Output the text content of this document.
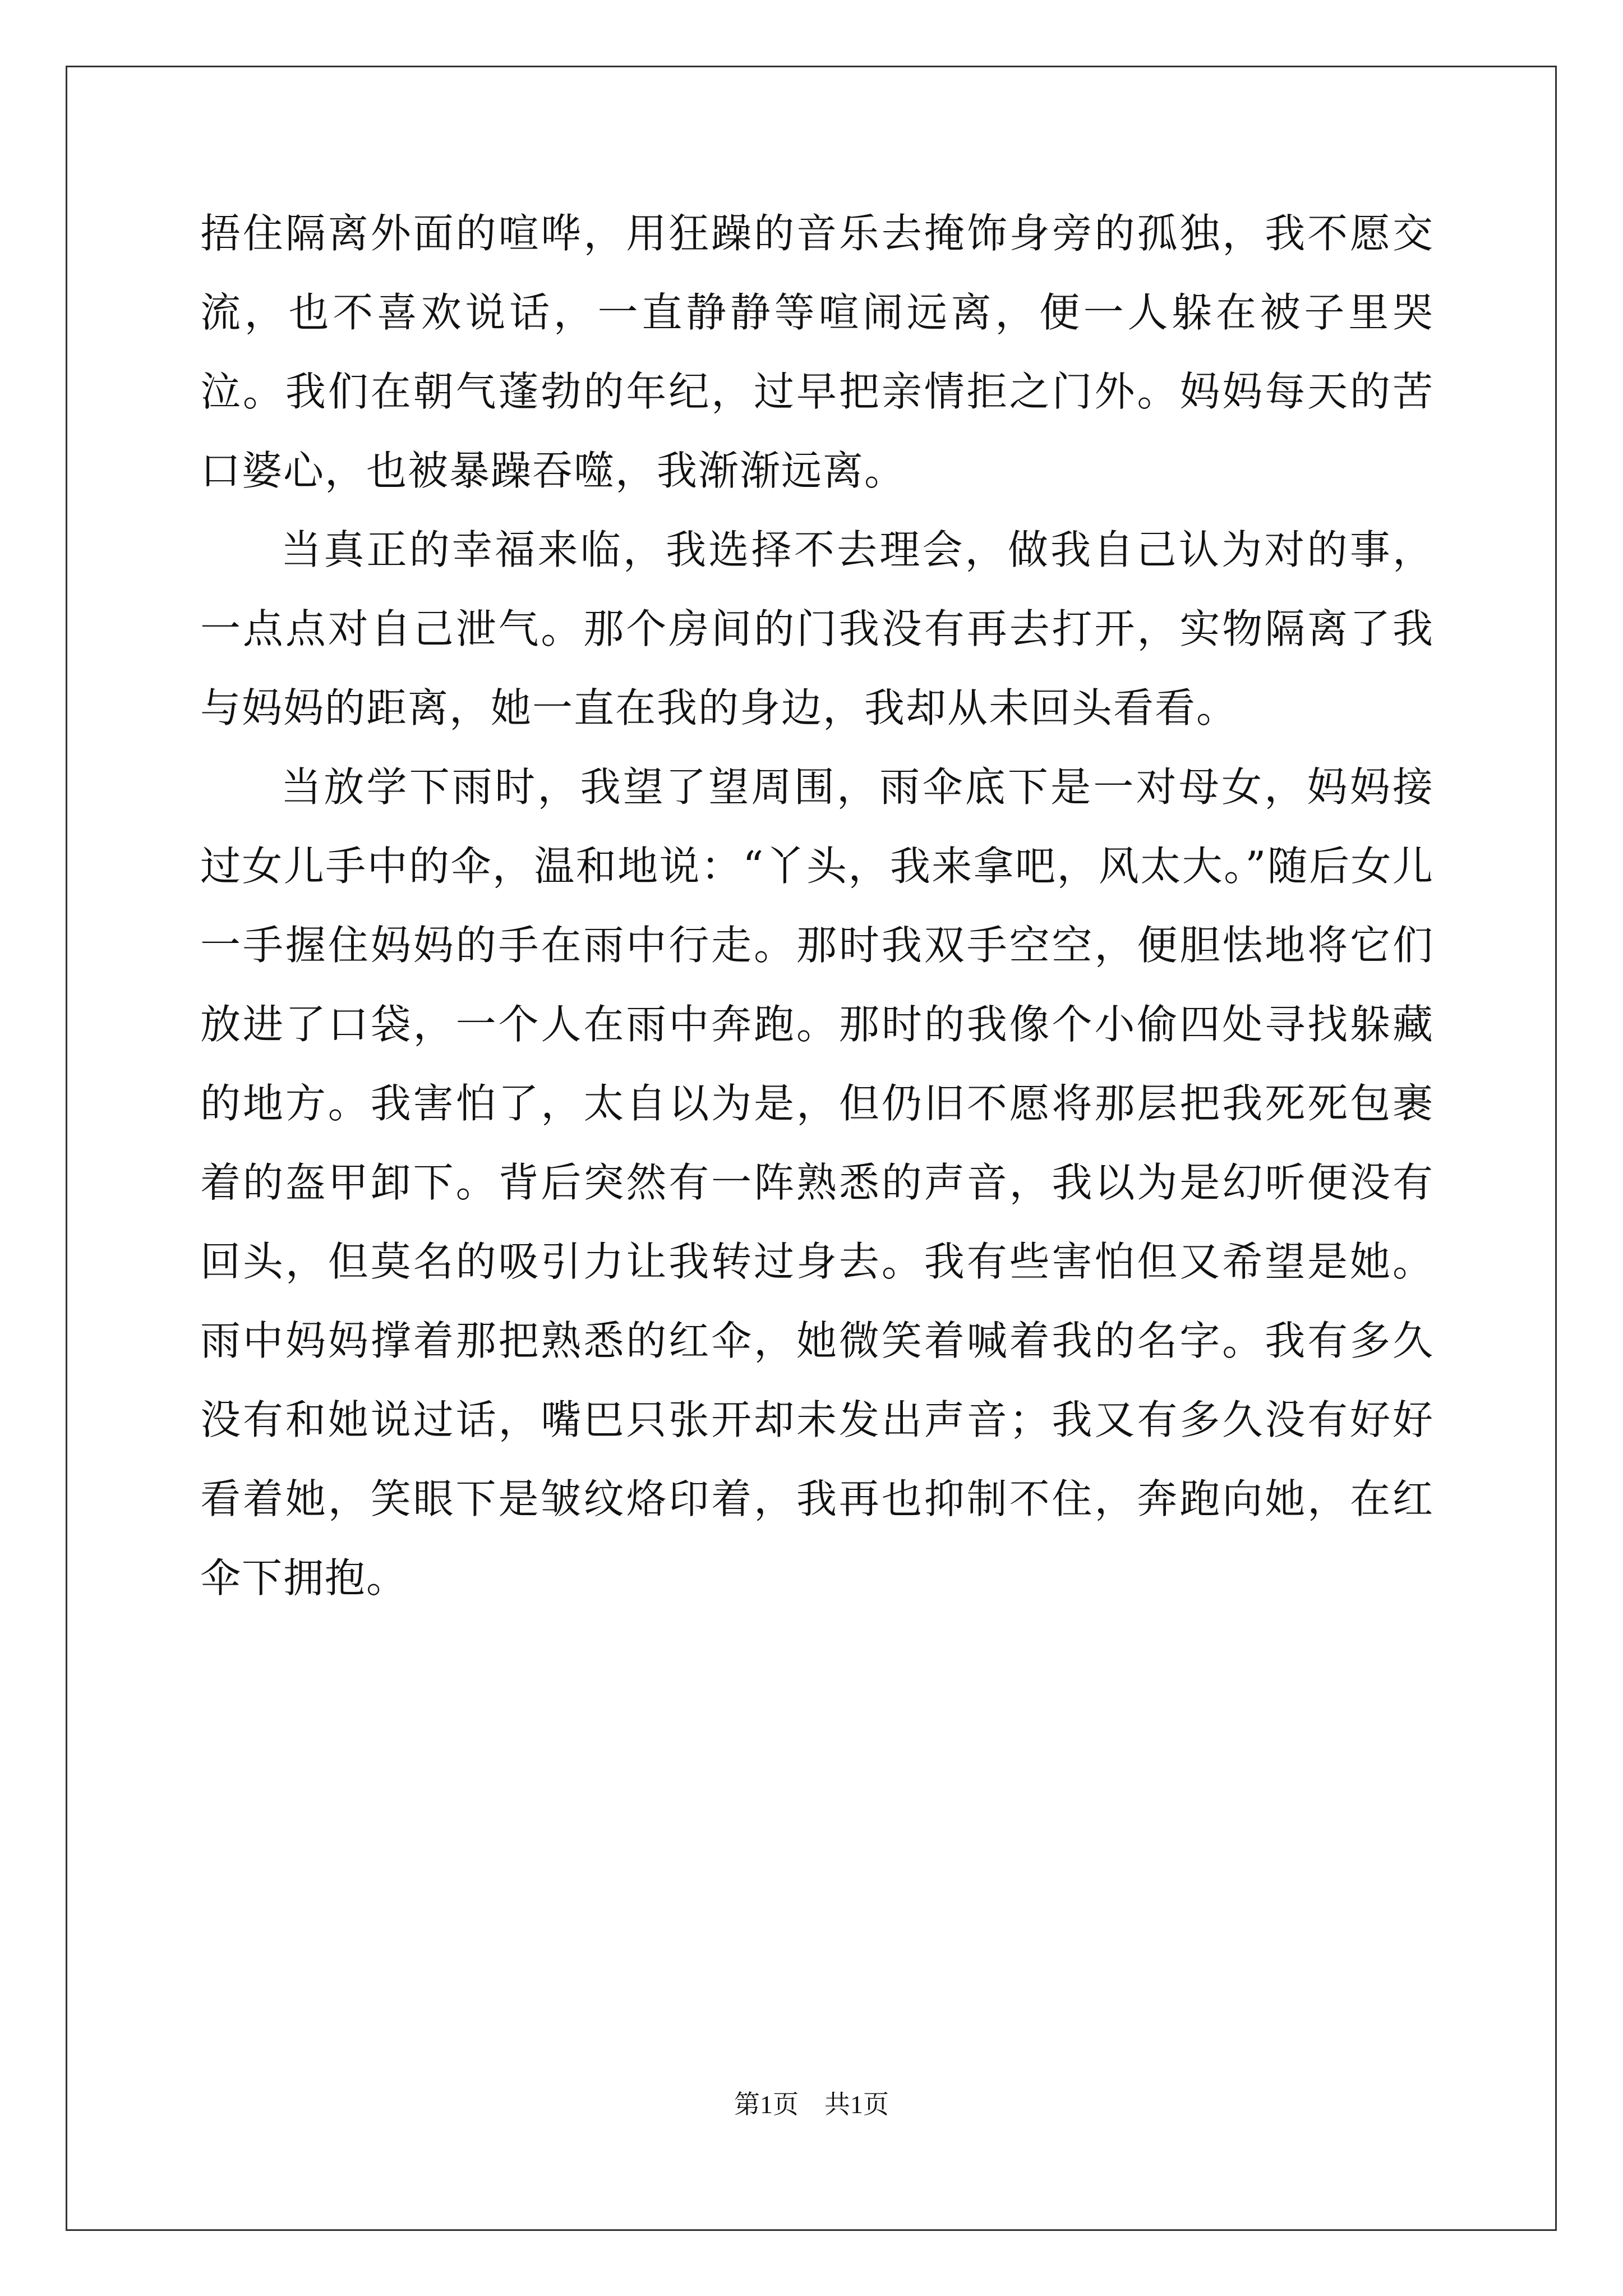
捂住隔离外面的喧哗，用狂躁的音乐去掩饰身旁的孤独，我不愿交流，也不喜欢说话，一直静静等喧闹远离，便一人躲在被子里哭泣。我们在朝气蓬勃的年纪，过早把亲情拒之门外。妈妈每天的苦口婆心，也被暴躁吞噬，我渐渐远离。

当真正的幸福来临，我选择不去理会，做我自己认为对的事，一点点对自己泄气。那个房间的门我没有再去打开，实物隔离了我与妈妈的距离，她一直在我的身边，我却从未回头看看。

当放学下雨时，我望了望周围，雨伞底下是一对母女，妈妈接过女儿手中的伞，温和地说：“丫头，我来拿吧，风太大。”随后女儿一手握住妈妈的手在雨中行走。那时我双手空空，便胆怯地将它们放进了口袋，一个人在雨中奔跑。那时的我像个小偷四处寻找躲藏的地方。我害怕了，太自以为是，但仍旧不愿将那层把我死死包裹着的盔甲卸下。背后突然有一阵熟悉的声音，我以为是幻听便没有回头，但莫名的吸引力让我转过身去。我有些害怕但又希望是她。雨中妈妈撑着那把熟悉的红伞，她微笑着喊着我的名字。我有多久没有和她说过话，嘴巴只张开却未发出声音；我又有多久没有好好看着她，笑眼下是皱纹烙印着，我再也抑制不住，奔跑向她，在红伞下拥抱。

第1页　共1页
